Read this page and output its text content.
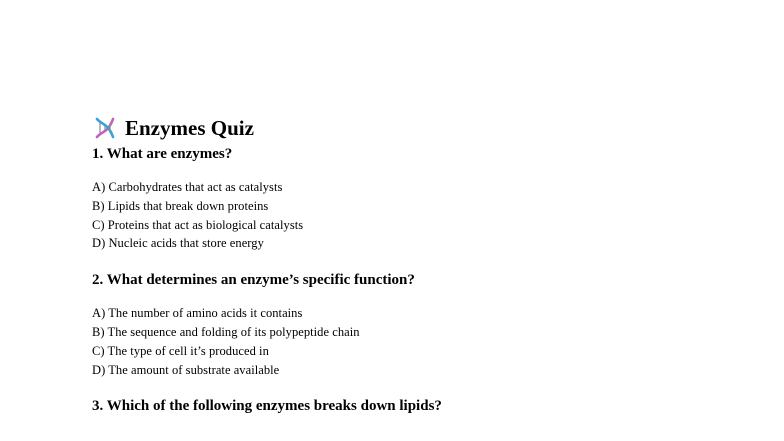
Enzymes Quiz

1. What are enzymes?

A) Carbohydrates that act as catalysts
B) Lipids that break down proteins
C) Proteins that act as biological catalysts
D) Nucleic acids that store energy

2. What determines an enzyme’s specific function?

A) The number of amino acids it contains
B) The sequence and folding of its polypeptide chain
C) The type of cell it’s produced in
D) The amount of substrate available

3. Which of the following enzymes breaks down lipids?
